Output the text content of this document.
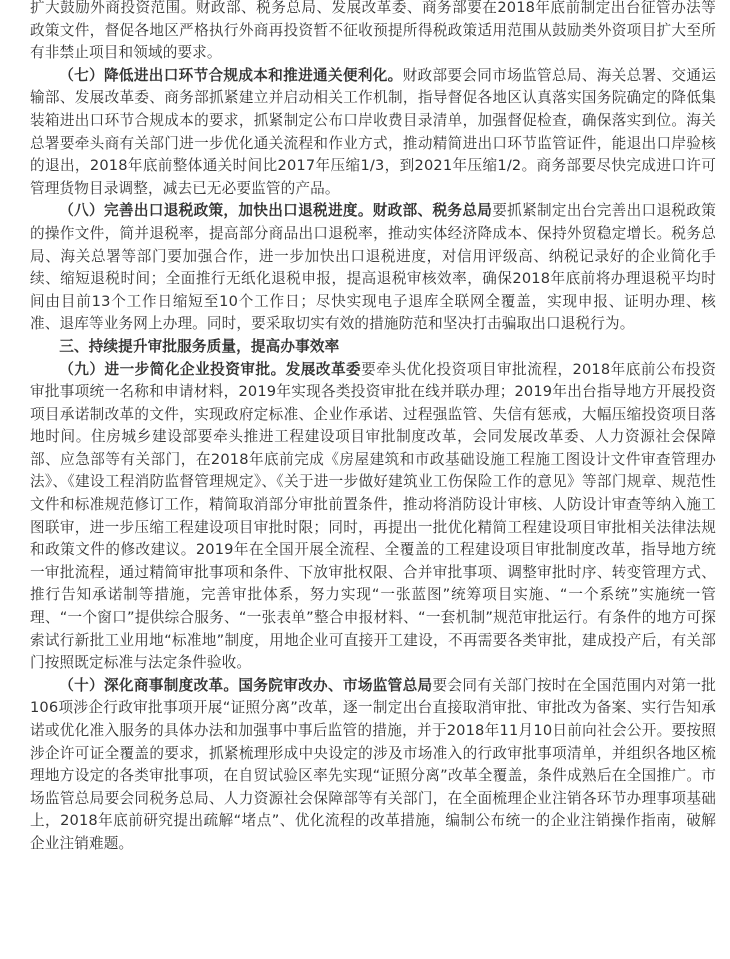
扩大鼓励外商投资范围。财政部、税务总局、发展改革委、商务部要在2018年底前制定出台征管办法等政策文件，督促各地区严格执行外商再投资暂不征收预提所得税政策适用范围从鼓励类外资项目扩大至所有非禁止项目和领域的要求。

（七）降低进出口环节合规成本和推进通关便利化。财政部要会同市场监管总局、海关总署、交通运输部、发展改革委、商务部抓紧建立并启动相关工作机制，指导督促各地区认真落实国务院确定的降低集装箱进出口环节合规成本的要求，抓紧制定公布口岸收费目录清单，加强督促检查，确保落实到位。海关总署要牵头商有关部门进一步优化通关流程和作业方式，推动精简进出口环节监管证件，能退出口岸验核的退出，2018年底前整体通关时间比2017年压缩1/3，到2021年压缩1/2。商务部要尽快完成进口许可管理货物目录调整，减去已无必要监管的产品。

（八）完善出口退税政策，加快出口退税进度。财政部、税务总局要抓紧制定出台完善出口退税政策的操作文件，简并退税率，提高部分商品出口退税率，推动实体经济降成本、保持外贸稳定增长。税务总局、海关总署等部门要加强合作，进一步加快出口退税进度，对信用评级高、纳税记录好的企业简化手续、缩短退税时间；全面推行无纸化退税申报，提高退税审核效率，确保2018年底前将办理退税平均时间由目前13个工作日缩短至10个工作日；尽快实现电子退库全联网全覆盖，实现申报、证明办理、核准、退库等业务网上办理。同时，要采取切实有效的措施防范和坚决打击骗取出口退税行为。

三、持续提升审批服务质量，提高办事效率

（九）进一步简化企业投资审批。发展改革委要牵头优化投资项目审批流程，2018年底前公布投资审批事项统一名称和申请材料，2019年实现各类投资审批在线并联办理；2019年出台指导地方开展投资项目承诺制改革的文件，实现政府定标准、企业作承诺、过程强监管、失信有惩戒，大幅压缩投资项目落地时间。住房城乡建设部要牵头推进工程建设项目审批制度改革，会同发展改革委、人力资源社会保障部、应急部等有关部门，在2018年底前完成《房屋建筑和市政基础设施工程施工图设计文件审查管理办法》、《建设工程消防监督管理规定》、《关于进一步做好建筑业工伤保险工作的意见》等部门规章、规范性文件和标准规范修订工作，精简取消部分审批前置条件，推动将消防设计审核、人防设计审查等纳入施工图联审，进一步压缩工程建设项目审批时限；同时，再提出一批优化精简工程建设项目审批相关法律法规和政策文件的修改建议。2019年在全国开展全流程、全覆盖的工程建设项目审批制度改革，指导地方统一审批流程，通过精简审批事项和条件、下放审批权限、合并审批事项、调整审批时序、转变管理方式、推行告知承诺制等措施，完善审批体系，努力实现“一张蓝图”统筹项目实施、“一个系统”实施统一管理、“一个窗口”提供综合服务、“一张表单”整合申报材料、“一套机制”规范审批运行。有条件的地方可探索试行新批工业用地“标准地”制度，用地企业可直接开工建设，不再需要各类审批，建成投产后，有关部门按照既定标准与法定条件验收。

（十）深化商事制度改革。国务院审改办、市场监管总局要会同有关部门按时在全国范围内对第一批106项涉企行政审批事项开展“证照分离”改革，逐一制定出台直接取消审批、审批改为备案、实行告知承诺或优化准入服务的具体办法和加强事中事后监管的措施，并于2018年11月10日前向社会公开。要按照涉企许可证全覆盖的要求，抓紧梳理形成中央设定的涉及市场准入的行政审批事项清单，并组织各地区梳理地方设定的各类审批事项，在自贸试验区率先实现“证照分离”改革全覆盖，条件成熟后在全国推广。市场监管总局要会同税务总局、人力资源社会保障部等有关部门，在全面梳理企业注销各环节办理事项基础上，2018年底前研究提出疏解“堵点”、优化流程的改革措施，编制公布统一的企业注销操作指南，破解企业注销难题。
